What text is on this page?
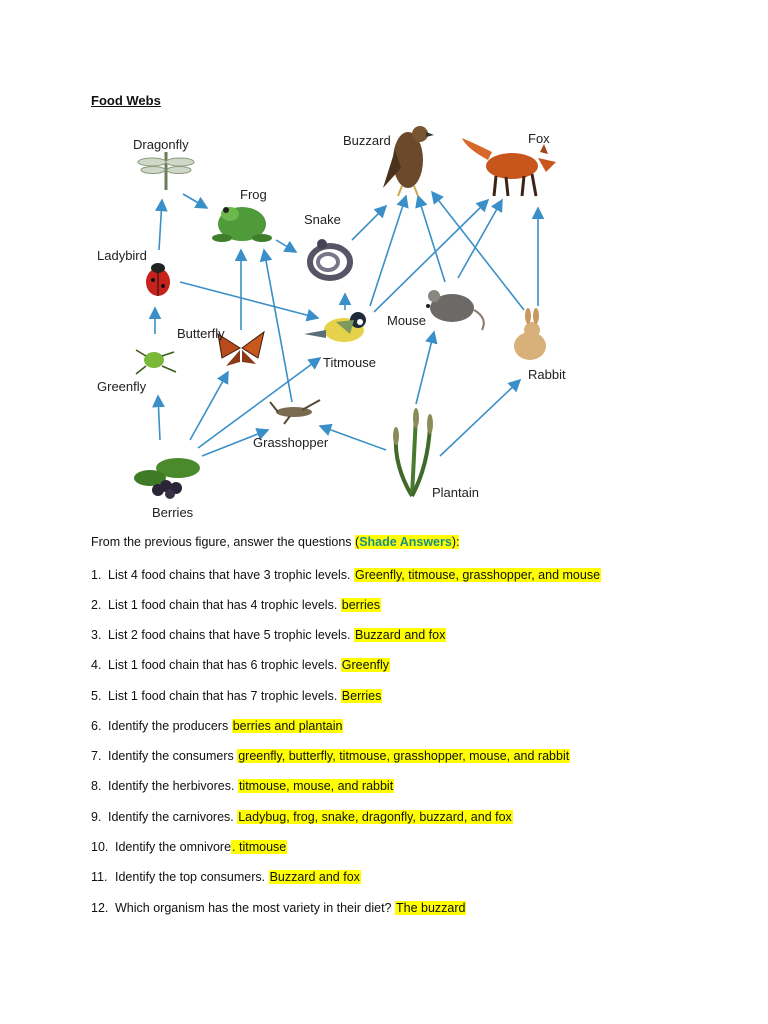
Food Webs
Dragonfly
Frog
Buzzard	Fox
Snake
Ladybird
Butterfly
Mouse
Titmouse
Greenfly
Rabbit
Grasshopper
Plantain
Berries
From the previous figure, answer the questions (Shade Answers):
1. List 4 food chains that have 3 trophic levels. Greenfly, titmouse, grasshopper, and mouse
2. List 1 food chain that has 4 trophic levels. berries
3. List 2 food chains that have 5 trophic levels. Buzzard and fox
4. List 1 food chain that has 6 trophic levels. Greenfly
5. List 1 food chain that has 7 trophic levels. Berries
6. Identify the producers berries and plantain
7. Identify the consumers greenfly, butterfly, titmouse, grasshopper, mouse, and rabbit
8. Identify the herbivores. titmouse, mouse, and rabbit
9. Identify the carnivores. Ladybug, frog, snake, dragonfly, buzzard, and fox
10. Identify the omnivore. titmouse
11. Identify the top consumers. Buzzard and fox
12. Which organism has the most variety in their diet? The buzzard
